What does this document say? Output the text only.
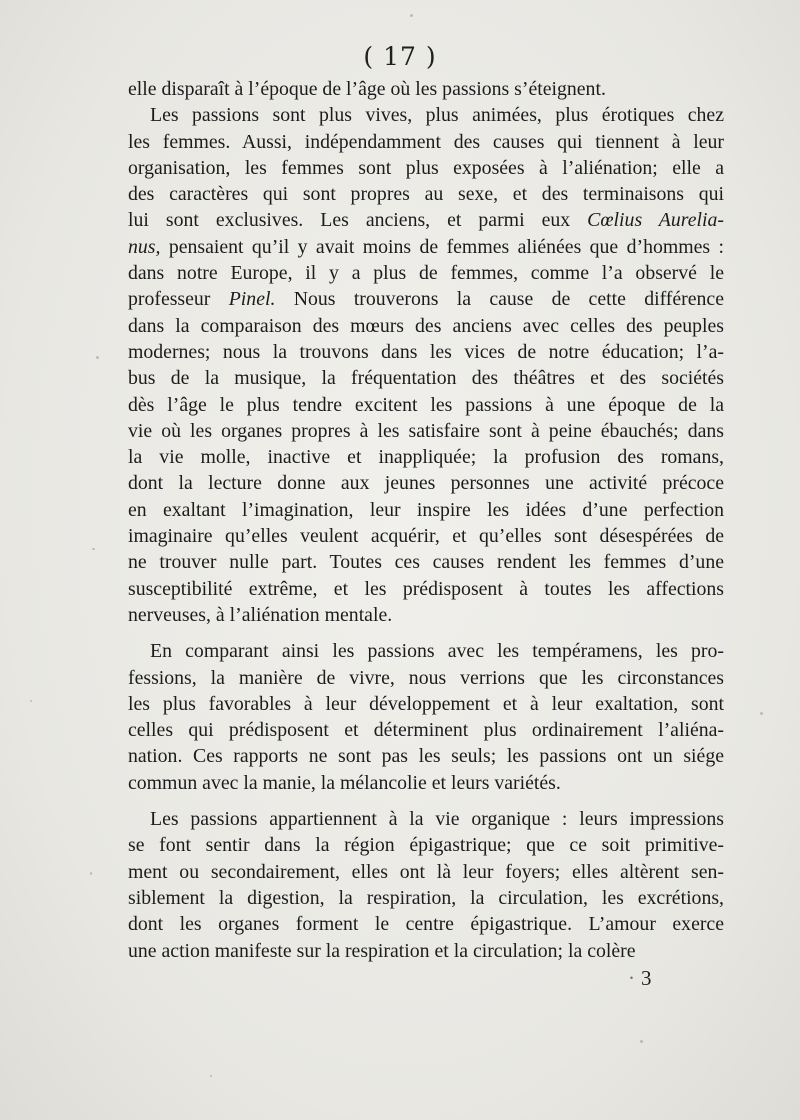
( 17 )
elle disparaît à l’époque de l’âge où les passions s’éteignent.
Les passions sont plus vives, plus animées, plus érotiques chez
les femmes. Aussi, indépendamment des causes qui tiennent à leur
organisation, les femmes sont plus exposées à l’aliénation; elle a
des caractères qui sont propres au sexe, et des terminaisons qui
lui sont exclusives. Les anciens, et parmi eux Cœlius Aurelia-
nus, pensaient qu’il y avait moins de femmes aliénées que d’hommes :
dans notre Europe, il y a plus de femmes, comme l’a observé le
professeur Pinel. Nous trouverons la cause de cette différence
dans la comparaison des mœurs des anciens avec celles des peuples
modernes; nous la trouvons dans les vices de notre éducation; l’a-
bus de la musique, la fréquentation des théâtres et des sociétés
dès l’âge le plus tendre excitent les passions à une époque de la
vie où les organes propres à les satisfaire sont à peine ébauchés; dans
la vie molle, inactive et inappliquée; la profusion des romans,
dont la lecture donne aux jeunes personnes une activité précoce
en exaltant l’imagination, leur inspire les idées d’une perfection
imaginaire qu’elles veulent acquérir, et qu’elles sont désespérées de
ne trouver nulle part. Toutes ces causes rendent les femmes d’une
susceptibilité extrême, et les prédisposent à toutes les affections
nerveuses, à l’aliénation mentale.
En comparant ainsi les passions avec les tempéramens, les pro-
fessions, la manière de vivre, nous verrions que les circonstances
les plus favorables à leur développement et à leur exaltation, sont
celles qui prédisposent et déterminent plus ordinairement l’aliéna-
nation. Ces rapports ne sont pas les seuls; les passions ont un siége
commun avec la manie, la mélancolie et leurs variétés.
Les passions appartiennent à la vie organique : leurs impressions
se font sentir dans la région épigastrique; que ce soit primitive-
ment ou secondairement, elles ont là leur foyers; elles altèrent sen-
siblement la digestion, la respiration, la circulation, les excrétions,
dont les organes forment le centre épigastrique. L’amour exerce
une action manifeste sur la respiration et la circulation; la colère
· 3
